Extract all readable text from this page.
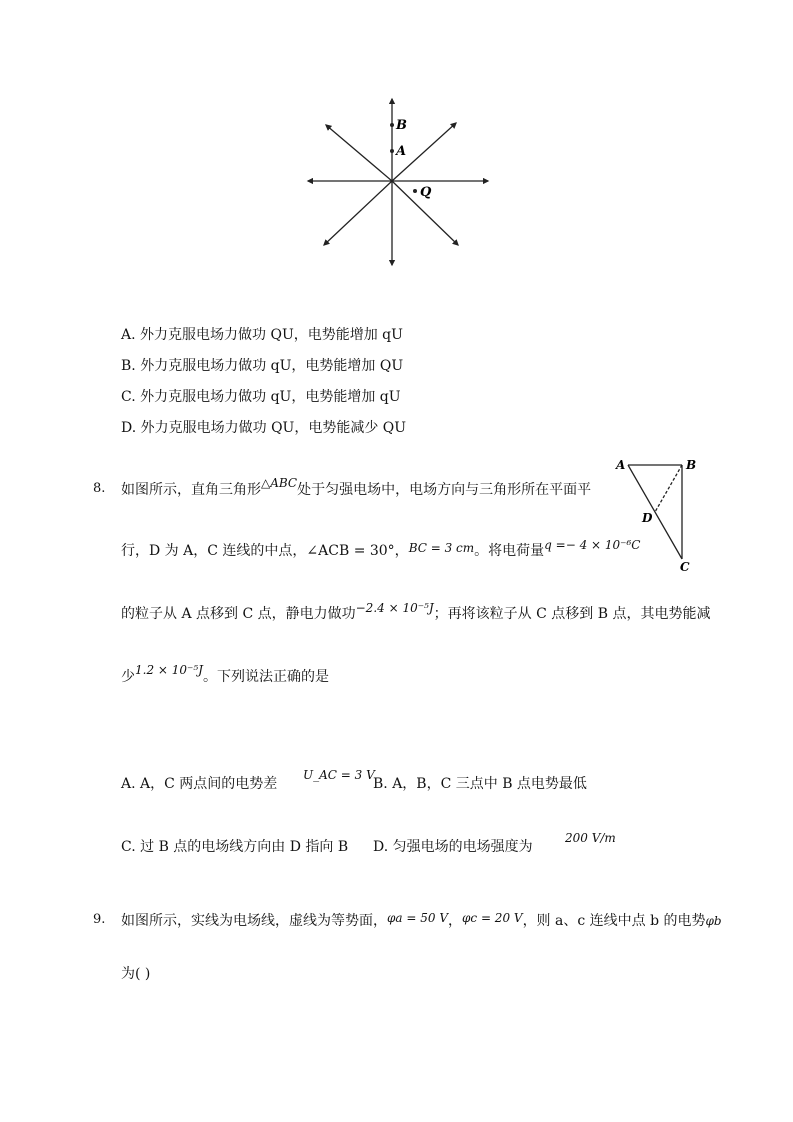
B
A
Q
A. 外力克服电场力做功 QU，电势能增加 qU
B. 外力克服电场力做功 qU，电势能增加 QU
C. 外力克服电场力做功 qU，电势能增加 qU
D. 外力克服电场力做功 QU，电势能减少 QU
8. 如图所示，直角三角形△ABC处于匀强电场中，电场方向与三角形所在平面平
行，D 为 A，C 连线的中点，∠ACB = 30°，BC = 3 cm。将电荷量q =− 4 × 10⁻⁶C
的粒子从 A 点移到 C 点，静电力做功−2.4 × 10⁻⁵J；再将该粒子从 C 点移到 B 点，其电势能减
少1.2 × 10⁻⁵J。下列说法正确的是
A	B
D
C
A. A，C 两点间的电势差
U_AC = 3 V
B. A，B，C 三点中 B 点电势最低
C. 过 B 点的电场线方向由 D 指向 B D. 匀强电场的电场强度为
200 V/m
9. 如图所示，实线为电场线，虚线为等势面，φa = 50 V，φc = 20 V，则 a、c 连线中点 b 的电势φb
为( )
